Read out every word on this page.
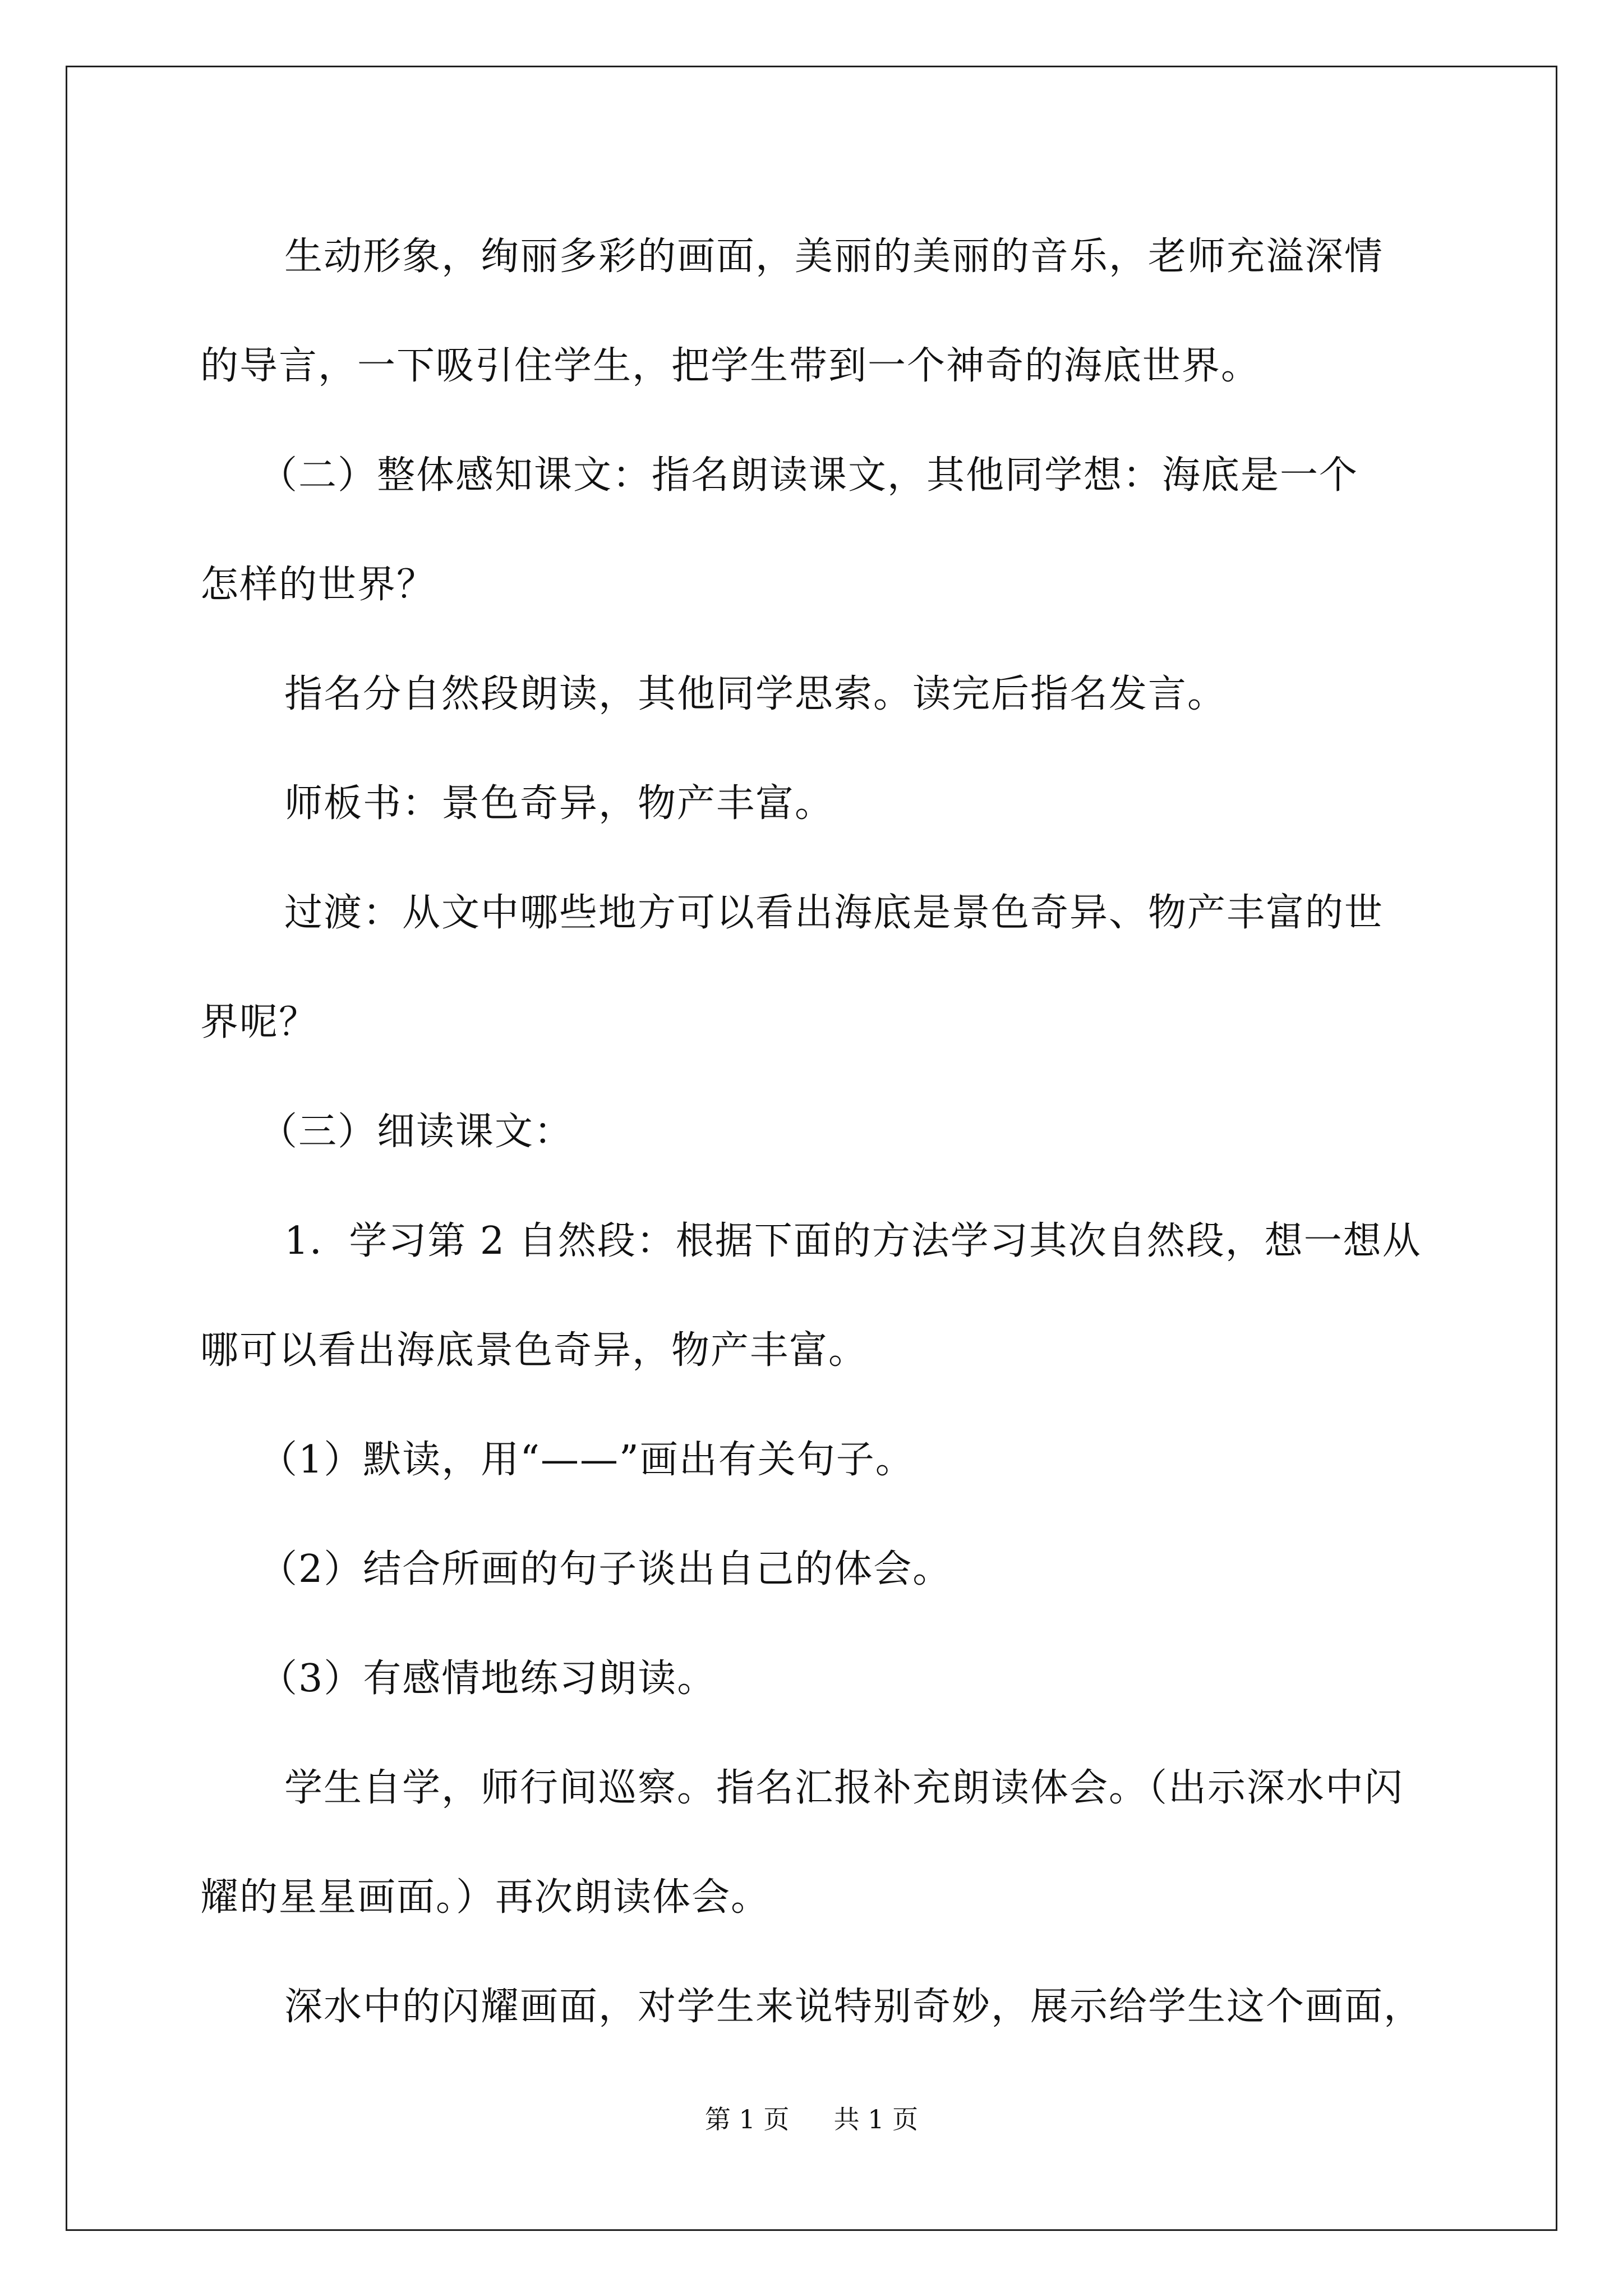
生动形象，绚丽多彩的画面，美丽的美丽的音乐，老师充溢深情
的导言，一下吸引住学生，把学生带到一个神奇的海底世界。
（二）整体感知课文：指名朗读课文，其他同学想：海底是一个
怎样的世界？
指名分自然段朗读，其他同学思索。读完后指名发言。
师板书：景色奇异，物产丰富。
过渡：从文中哪些地方可以看出海底是景色奇异、物产丰富的世
界呢？
（三）细读课文：
1．学习第 2 自然段：根据下面的方法学习其次自然段，想一想从
哪可以看出海底景色奇异，物产丰富。
（1）默读，用“——”画出有关句子。
（2）结合所画的句子谈出自己的体会。
（3）有感情地练习朗读。
学生自学，师行间巡察。指名汇报补充朗读体会。（出示深水中闪
耀的星星画面。）再次朗读体会。
深水中的闪耀画面，对学生来说特别奇妙，展示给学生这个画面，
第 1 页 共 1 页
